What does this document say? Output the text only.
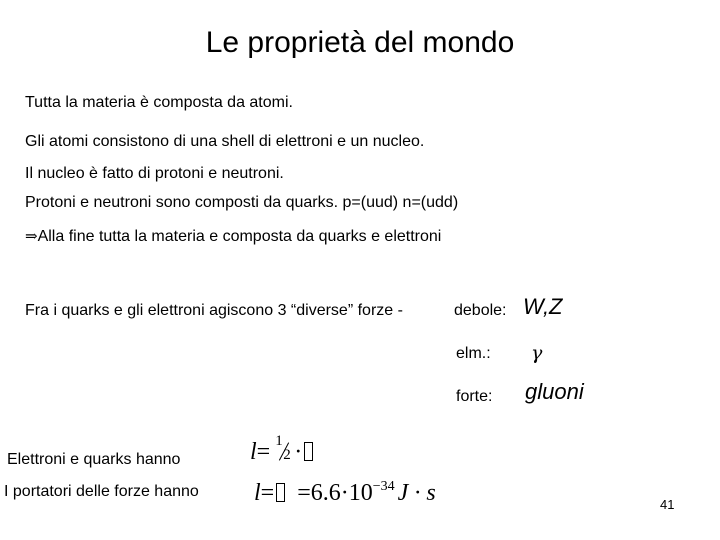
Le proprietà del mondo
Tutta la materia è composta da atomi.
Gli atomi consistono di una shell di elettroni e un nucleo.
Il nucleo è fatto di protoni e neutroni.
Protoni e neutroni sono composti da quarks. p=(uud) n=(udd)
⇒Alla fine tutta la materia e composta da quarks e elettroni
Fra i quarks e gli elettroni agiscono 3 “diverse” forze -	debole: W,Z
elm.: γ
forte: gluoni
Elettroni e quarks hanno	l= 1
2 ·
I portatori delle forze hanno $l= =6.6\cdot 10^{-34}$ J · s	41
